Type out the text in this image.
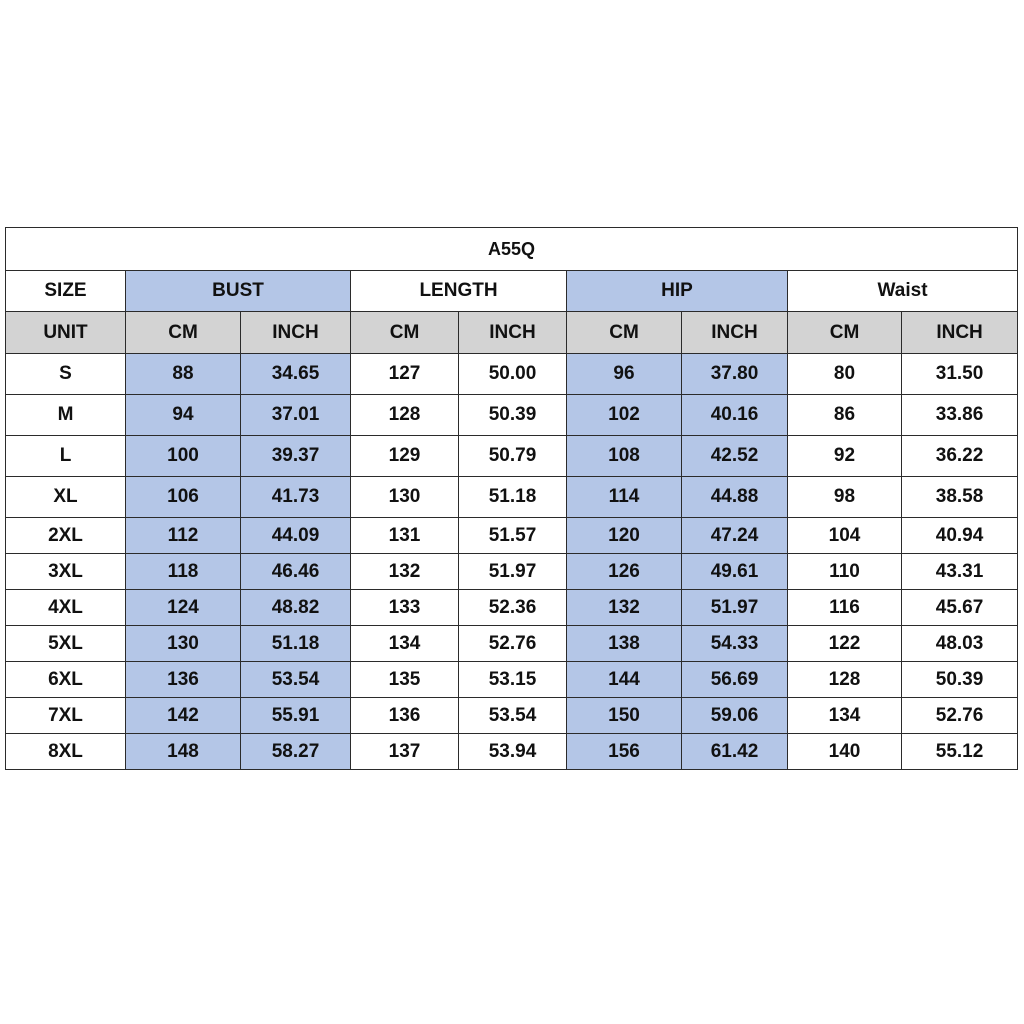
A55Q								
SIZE	BUST		LENGTH		HIP		Waist	
UNIT	CM	INCH	CM	INCH	CM	INCH	CM	INCH
S	88	34.65	127	50.00	96	37.80	80	31.50
M	94	37.01	128	50.39	102	40.16	86	33.86
L	100	39.37	129	50.79	108	42.52	92	36.22
XL	106	41.73	130	51.18	114	44.88	98	38.58
2XL	112	44.09	131	51.57	120	47.24	104	40.94
3XL	118	46.46	132	51.97	126	49.61	110	43.31
4XL	124	48.82	133	52.36	132	51.97	116	45.67
5XL	130	51.18	134	52.76	138	54.33	122	48.03
6XL	136	53.54	135	53.15	144	56.69	128	50.39
7XL	142	55.91	136	53.54	150	59.06	134	52.76
8XL	148	58.27	137	53.94	156	61.42	140	55.12
